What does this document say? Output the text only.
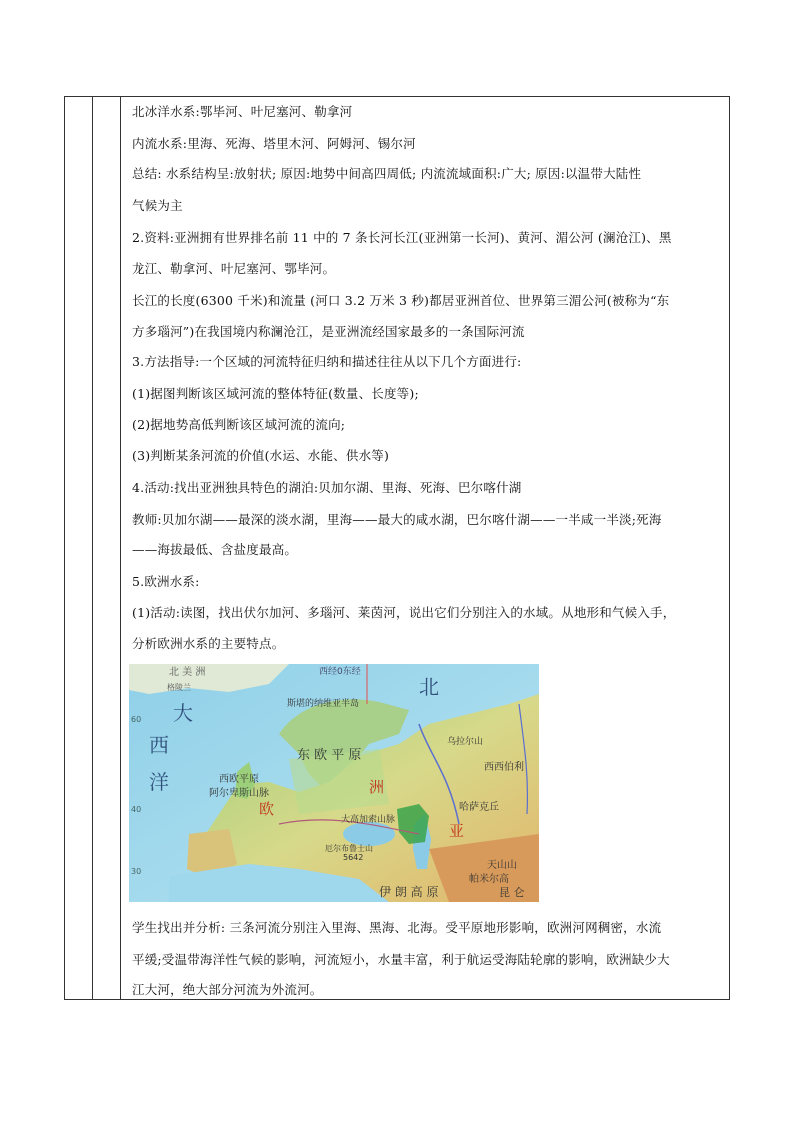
北冰洋水系:鄂毕河、叶尼塞河、勒拿河

内流水系:里海、死海、塔里木河、阿姆河、锡尔河

总结: 水系结构呈:放射状; 原因:地势中间高四周低; 内流流域面积:广大; 原因:以温带大陆性

气候为主

2.资料:亚洲拥有世界排名前 11 中的 7 条长河长江(亚洲第一长河)、黄河、湄公河 (澜沧江)、黑

龙江、勒拿河、叶尼塞河、鄂毕河。

长江的长度(6300 千米)和流量 (河口 3.2 万米 3 秒)都居亚洲首位、世界第三湄公河(被称为“东

方多瑙河”)在我国境内称澜沧江，是亚洲流经国家最多的一条国际河流

3.方法指导:一个区域的河流特征归纳和描述往往从以下几个方面进行:

(1)据图判断该区域河流的整体特征(数量、长度等);

(2)据地势高低判断该区域河流的流向;

(3)判断某条河流的价值(水运、水能、供水等)

4.活动:找出亚洲独具特色的湖泊:贝加尔湖、里海、死海、巴尔喀什湖

教师:贝加尔湖——最深的淡水湖，里海——最大的咸水湖，巴尔喀什湖——一半咸一半淡;死海

——海拔最低、含盐度最高。

5.欧洲水系:

(1)活动:读图，找出伏尔加河、多瑙河、莱茵河，说出它们分别注入的水域。从地形和气候入手，

分析欧洲水系的主要特点。

学生找出并分析: 三条河流分别注入里海、黑海、北海。受平原地形影响，欧洲河网稠密，水流

平缓;受温带海洋性气候的影响，河流短小，水量丰富，利于航运受海陆轮廓的影响，欧洲缺少大

江大河，绝大部分河流为外流河。

北 美 洲
格陵兰
西经0东经
北
大
西
洋
斯堪的纳维亚半岛
东 欧 平 原
西西伯利
西欧平原
阿尔卑斯山脉
欧
洲
亚
哈萨克丘
大高加索山脉
厄尔布鲁士山
5642
天山山
帕米尔高
昆 仑
伊 朗 高 原
乌拉尔山
60
40
30
